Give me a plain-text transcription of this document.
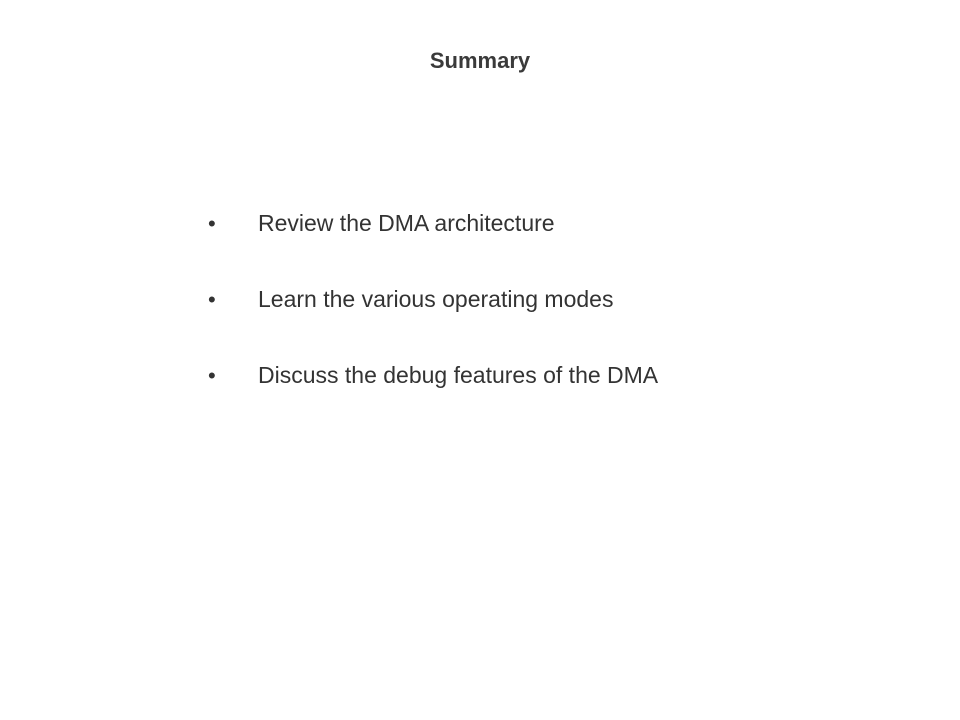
Summary
•	Review the DMA architecture
•	Learn the various operating modes
•	Discuss the debug features of the DMA
